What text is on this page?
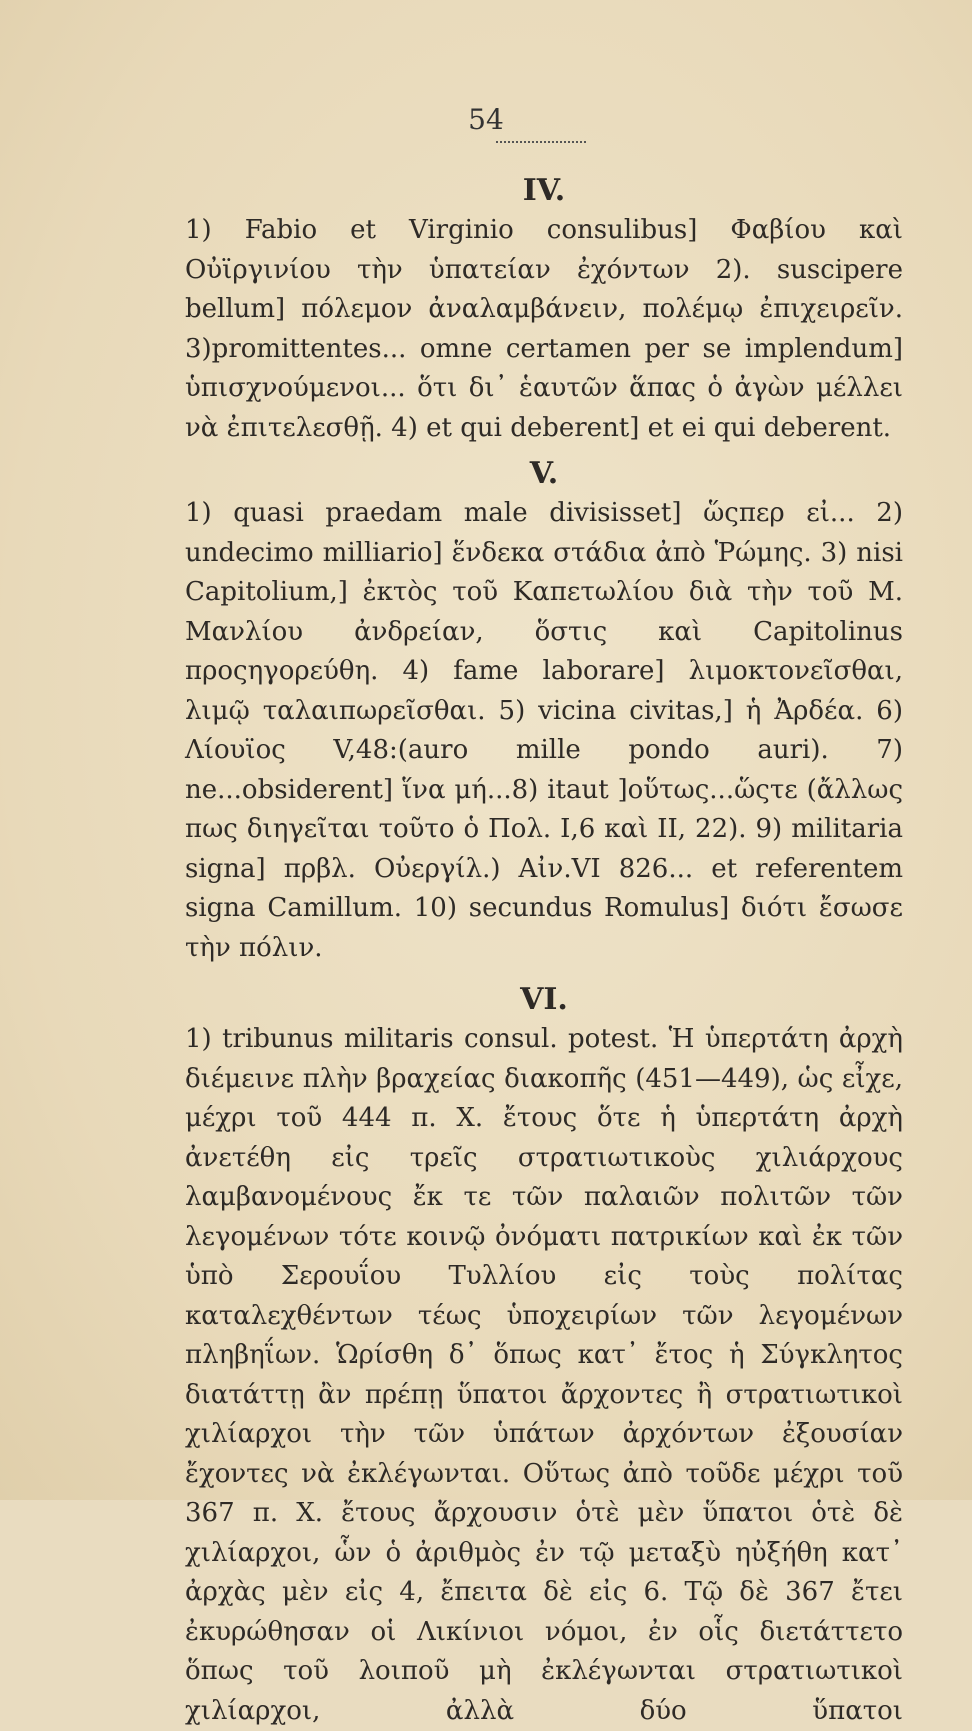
54
IV.

1) Fabio et Virginio consulibus] Φαβίου καὶ Οὐϊργινίου τὴν ὑπατείαν ἐχόντων 2). suscipere bellum] πόλεμον ἀναλαμβάνειν, πολέμῳ ἐπιχειρεῖν. 3)promittentes... omne certamen per se implendum] ὑπισχνούμενοι... ὅτι δι᾽ ἑαυτῶν ἅπας ὁ ἀγὼν μέλλει νὰ ἐπιτελεσθῇ. 4) et qui deberent] et ei qui deberent.

V.

1) quasi praedam male divisisset] ὥςπερ εἰ... 2) undecimo milliario] ἕνδεκα στάδια ἀπὸ Ῥώμης. 3) nisi Capitolium,] ἐκτὸς τοῦ Καπετωλίου διὰ τὴν τοῦ Μ. Μανλίου ἀνδρείαν, ὅστις καὶ Capitolinus προςηγορεύθη. 4) fame laborare] λιμοκτονεῖσθαι, λιμῷ ταλαιπωρεῖσθαι. 5) vicina civitas,] ἡ Ἀρδέα. 6) Λίουϊος V,48:(auro mille pondo auri). 7) ne...obsiderent] ἵνα μή...8) itaut ]οὕτως...ὥςτε (ἄλλως πως διηγεῖται τοῦτο ὁ Πολ. I,6 καὶ II, 22). 9) militaria signa] πρβλ. Οὐεργίλ.) Αἰν.VI 826... et referentem signa Camillum. 10) secundus Romulus] διότι ἔσωσε τὴν πόλιν.

VI.

1) tribunus militaris consul. potest. Ἡ ὑπερτάτη ἀρχὴ διέμεινε πλὴν βραχείας διακοπῆς (451—449), ὡς εἶχε, μέχρι τοῦ 444 π. Χ. ἔτους ὅτε ἡ ὑπερτάτη ἀρχὴ ἀνετέθη εἰς τρεῖς στρατιωτικοὺς χιλιάρχους λαμβανομένους ἔκ τε τῶν παλαιῶν πολιτῶν τῶν λεγομένων τότε κοινῷ ὀνόματι πατρικίων καὶ ἐκ τῶν ὑπὸ Σερουΐου Τυλλίου εἰς τοὺς πολίτας καταλεχθέντων τέως ὑποχειρίων τῶν λεγομένων πληβηΐων. Ὡρίσθη δ᾽ ὅπως κατ᾽ ἔτος ἡ Σύγκλητος διατάττῃ ἂν πρέπῃ ὕπατοι ἄρχοντες ἢ στρατιωτικοὶ χιλίαρχοι τὴν τῶν ὑπάτων ἀρχόντων ἐξουσίαν ἔχοντες νὰ ἐκλέγωνται. Οὕτως ἀπὸ τοῦδε μέχρι τοῦ 367 π. Χ. ἔτους ἄρχουσιν ὁτὲ μὲν ὕπατοι ὁτὲ δὲ χιλίαρχοι, ὧν ὁ ἀριθμὸς ἐν τῷ μεταξὺ ηὐξήθη κατ᾽ ἀρχὰς μὲν εἰς 4, ἔπειτα δὲ εἰς 6. Τῷ δὲ 367 ἔτει ἐκυρώθησαν οἱ Λικίνιοι νόμοι, ἐν οἷς διετάττετο ὅπως τοῦ λοιποῦ μὴ ἐκλέγωνται στρατιωτικοὶ χιλίαρχοι, ἀλλὰ δύο ὕπατοι
